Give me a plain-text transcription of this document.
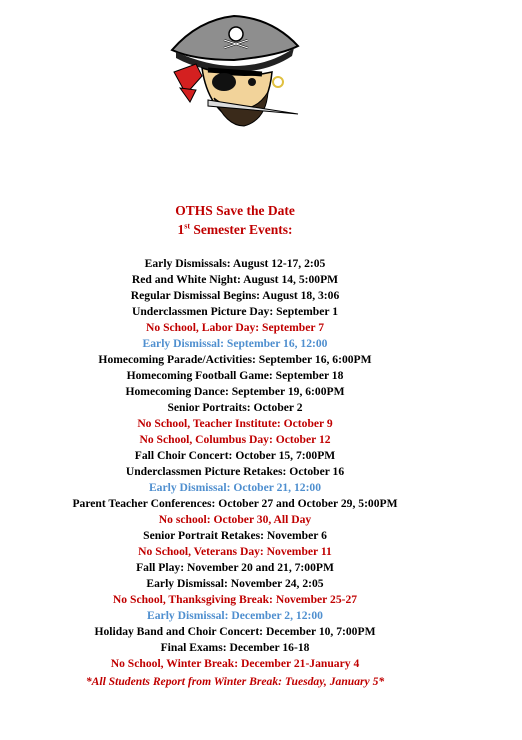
OTHS Save the Date
1st Semester Events:
Early Dismissals: August 12-17, 2:05
Red and White Night: August 14, 5:00PM
Regular Dismissal Begins: August 18, 3:06
Underclassmen Picture Day: September 1
No School, Labor Day: September 7
Early Dismissal: September 16, 12:00
Homecoming Parade/Activities: September 16, 6:00PM
Homecoming Football Game: September 18
Homecoming Dance: September 19, 6:00PM
Senior Portraits: October 2
No School, Teacher Institute: October 9
No School, Columbus Day: October 12
Fall Choir Concert: October 15, 7:00PM
Underclassmen Picture Retakes: October 16
Early Dismissal: October 21, 12:00
Parent Teacher Conferences: October 27 and October 29, 5:00PM
No school: October 30, All Day
Senior Portrait Retakes: November 6
No School, Veterans Day: November 11
Fall Play: November 20 and 21, 7:00PM
Early Dismissal: November 24, 2:05
No School, Thanksgiving Break: November 25-27
Early Dismissal: December 2, 12:00
Holiday Band and Choir Concert: December 10, 7:00PM
Final Exams: December 16-18
No School, Winter Break: December 21-January 4
*All Students Report from Winter Break: Tuesday, January 5*
